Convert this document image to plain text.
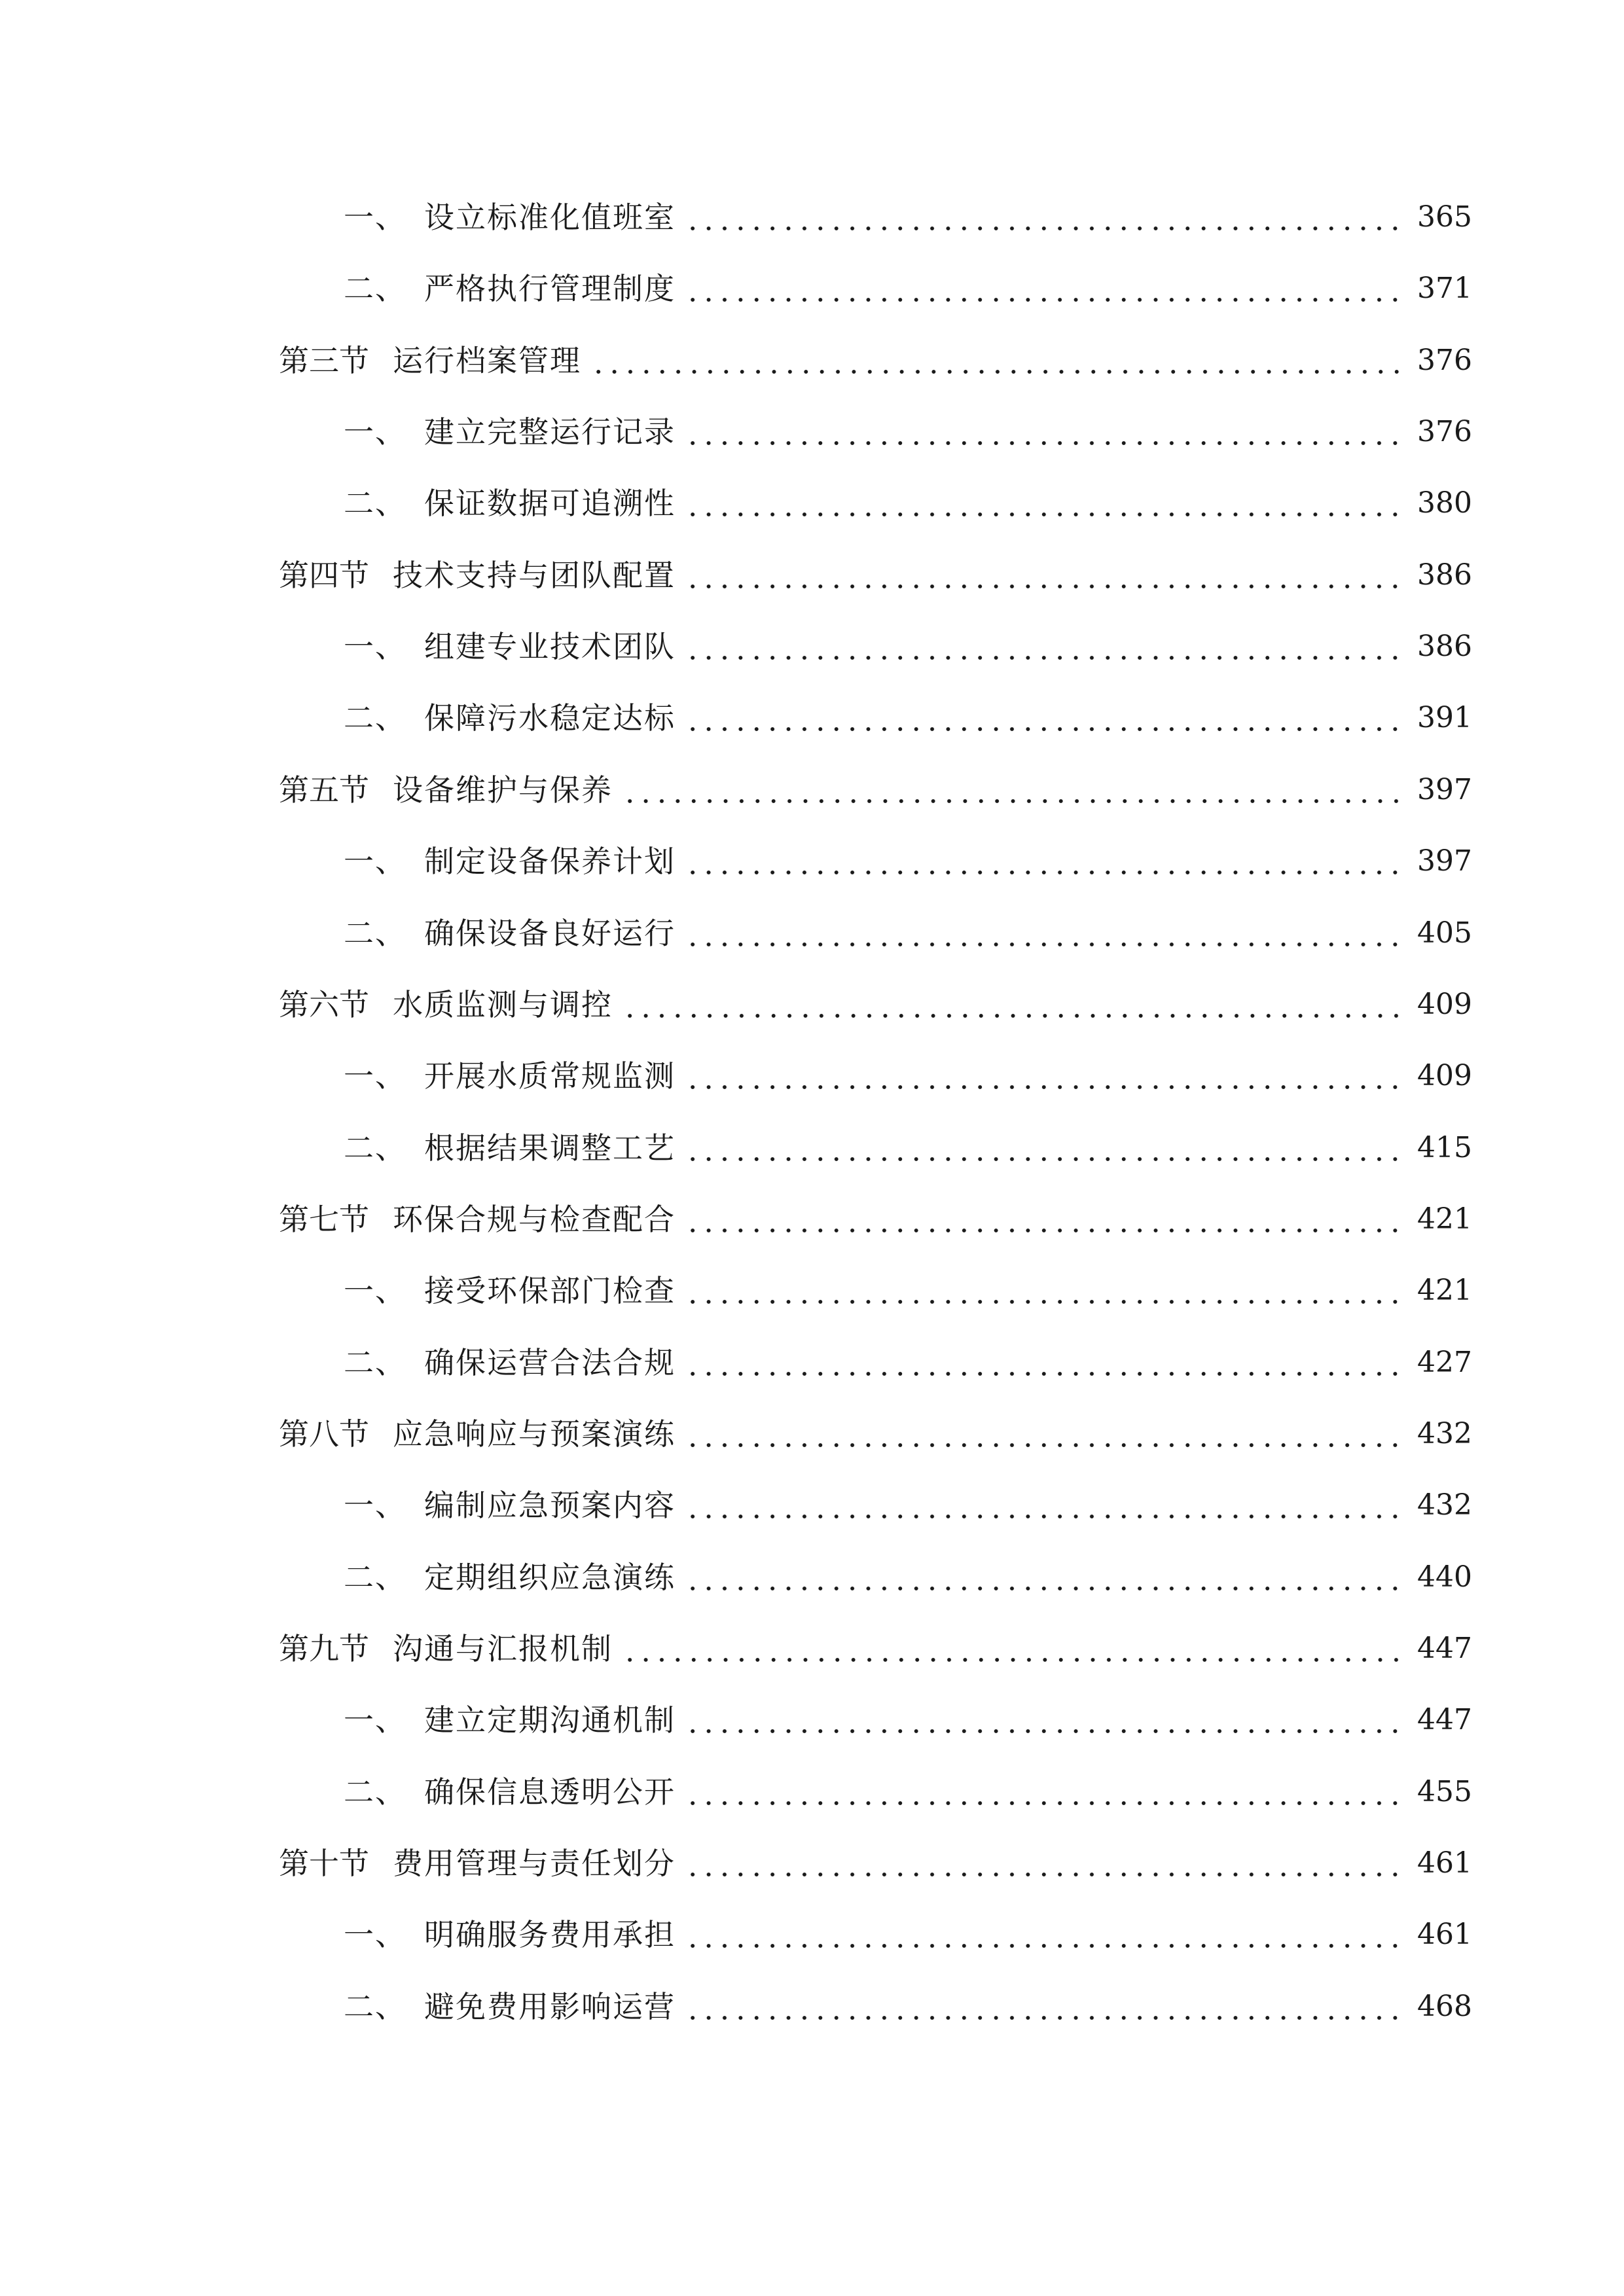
一、 设立标准化值班室	365
二、 严格执行管理制度	371
第三节 运行档案管理	376
一、 建立完整运行记录	376
二、 保证数据可追溯性	380
第四节 技术支持与团队配置	386
一、 组建专业技术团队	386
二、 保障污水稳定达标	391
第五节 设备维护与保养	397
一、 制定设备保养计划	397
二、 确保设备良好运行	405
第六节 水质监测与调控	409
一、 开展水质常规监测	409
二、 根据结果调整工艺	415
第七节 环保合规与检查配合	421
一、 接受环保部门检查	421
二、 确保运营合法合规	427
第八节 应急响应与预案演练	432
一、 编制应急预案内容	432
二、 定期组织应急演练	440
第九节 沟通与汇报机制	447
一、 建立定期沟通机制	447
二、 确保信息透明公开	455
第十节 费用管理与责任划分	461
一、 明确服务费用承担	461
二、 避免费用影响运营	468
